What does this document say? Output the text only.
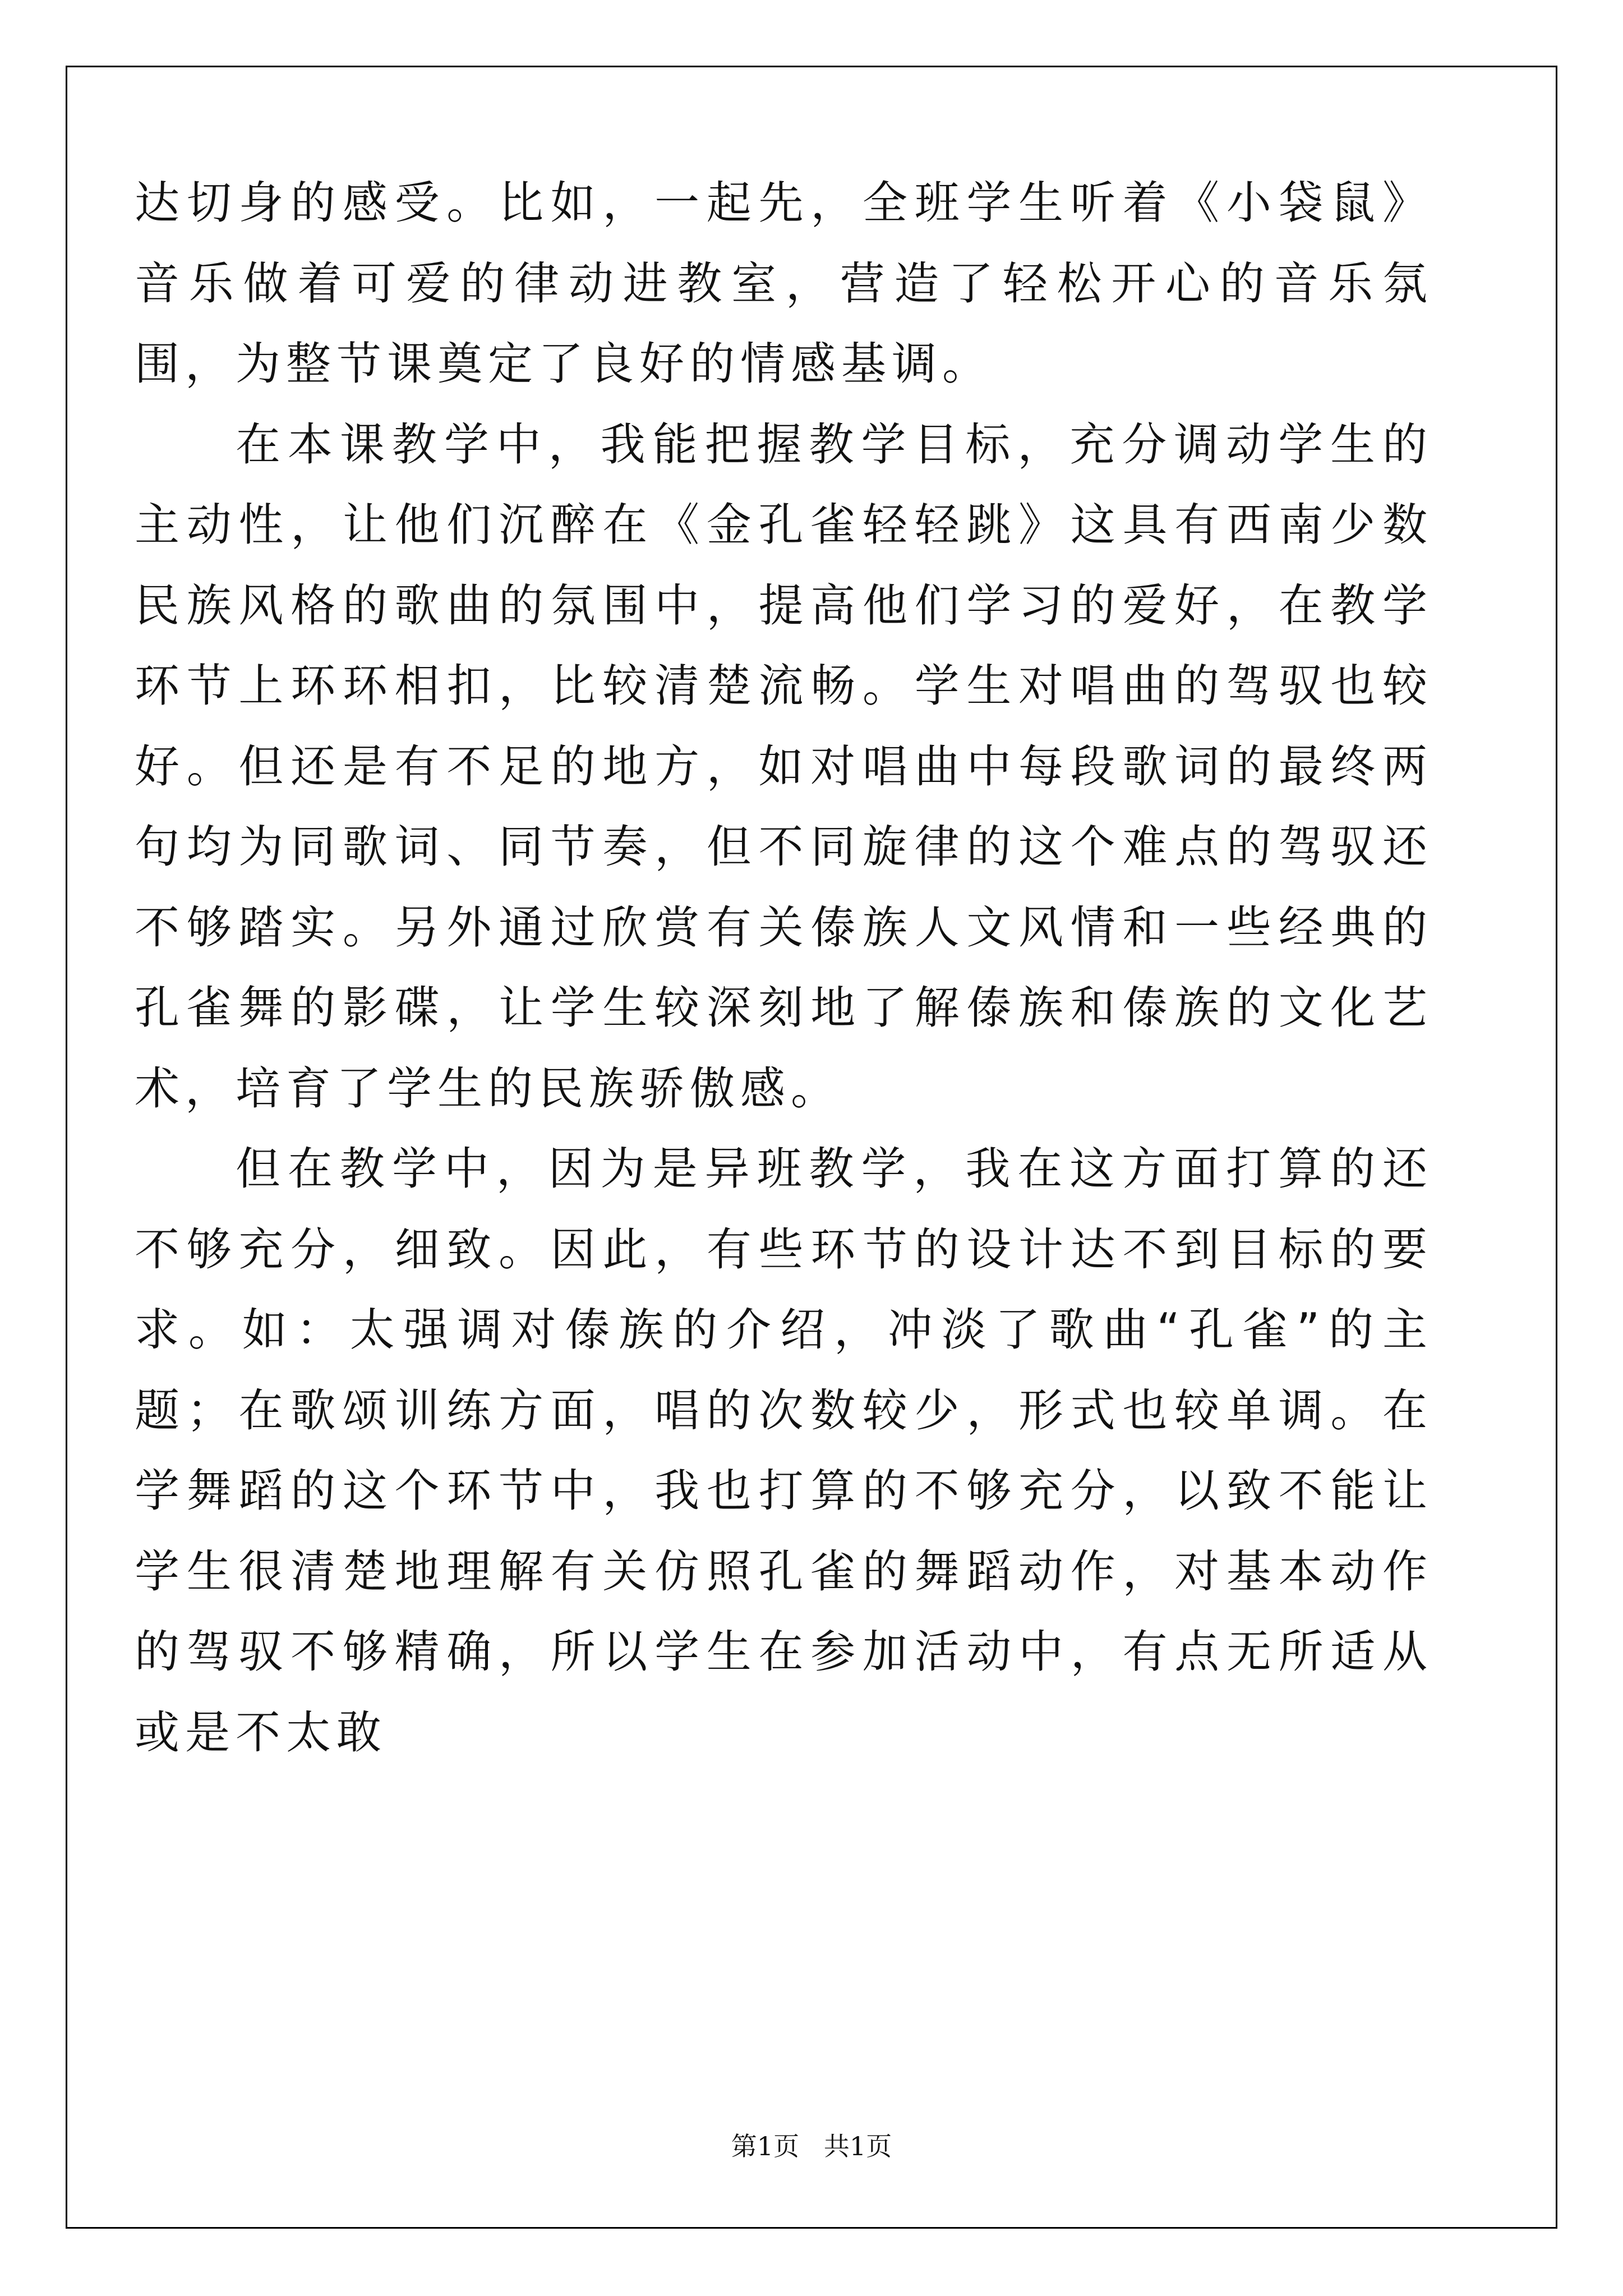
达切身的感受。比如，一起先，全班学生听着《小袋鼠》音乐做着可爱的律动进教室，营造了轻松开心的音乐氛围，为整节课奠定了良好的情感基调。

在本课教学中，我能把握教学目标，充分调动学生的主动性，让他们沉醉在《金孔雀轻轻跳》这具有西南少数民族风格的歌曲的氛围中，提高他们学习的爱好，在教学环节上环环相扣，比较清楚流畅。学生对唱曲的驾驭也较好。但还是有不足的地方，如对唱曲中每段歌词的最终两句均为同歌词、同节奏，但不同旋律的这个难点的驾驭还不够踏实。另外通过欣赏有关傣族人文风情和一些经典的孔雀舞的影碟，让学生较深刻地了解傣族和傣族的文化艺术，培育了学生的民族骄傲感。

但在教学中，因为是异班教学，我在这方面打算的还不够充分，细致。因此，有些环节的设计达不到目标的要求。如：太强调对傣族的介绍，冲淡了歌曲“孔雀”的主题；在歌颂训练方面，唱的次数较少，形式也较单调。在学舞蹈的这个环节中，我也打算的不够充分，以致不能让学生很清楚地理解有关仿照孔雀的舞蹈动作，对基本动作的驾驭不够精确，所以学生在参加活动中，有点无所适从或是不太敢

第1页   共1页
